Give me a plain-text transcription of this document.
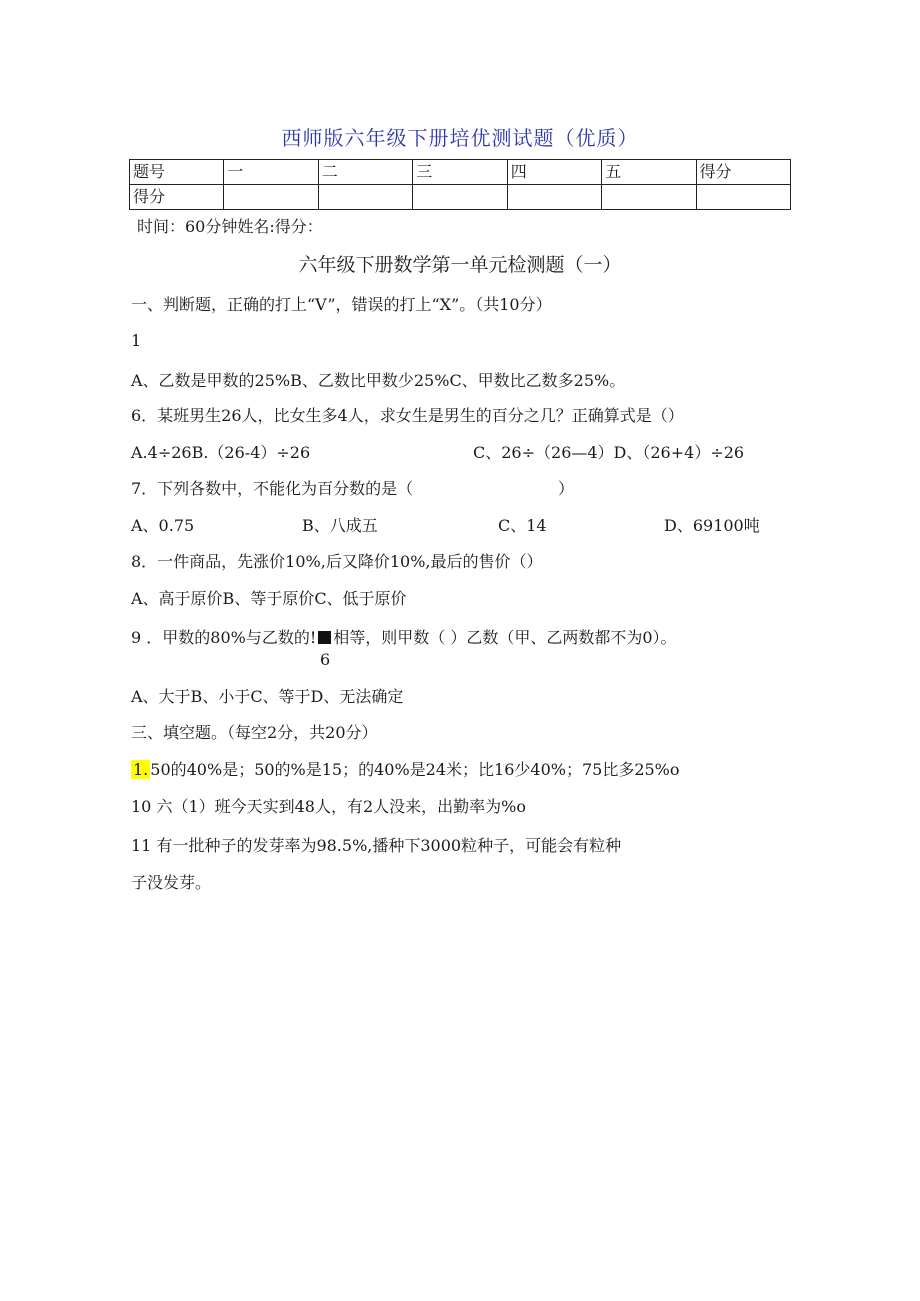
西师版六年级下册培优测试题（优质）
题号	一	二	三	四	五	得分
得分						
时间：60分钟姓名:得分：
六年级下册数学第一单元检测题（一）
一、判断题，正确的打上“V”，错误的打上“X”。（共10分）
1
A、乙数是甲数的25%B、乙数比甲数少25%C、甲数比乙数多25%。
6．某班男生26人，比女生多4人，求女生是男生的百分之几？正确算式是（）
A.4÷26B.（26-4）÷26	C、26÷（26—4）D、（26+4）÷26
7．下列各数中，不能化为百分数的是（	）
A、0.75	B、八成五	C、14	D、69100吨
8．一件商品，先涨价10%,后又降价10%,最后的售价（）
A、高于原价B、等于原价C、低于原价
9 ．甲数的80%与乙数的! 相等，则甲数（ ）乙数（甲、乙两数都不为0）。
6
A、大于B、小于C、等于D、无法确定
三、填空题。（每空2分，共20分）
1. 50的40%是；50的%是15；的40%是24米；比16少40%；75比多25%o
10 六（1）班今天实到48人，有2人没来，出勤率为%o
11 有一批种子的发芽率为98.5%,播种下3000粒种子，可能会有粒种
子没发芽。
